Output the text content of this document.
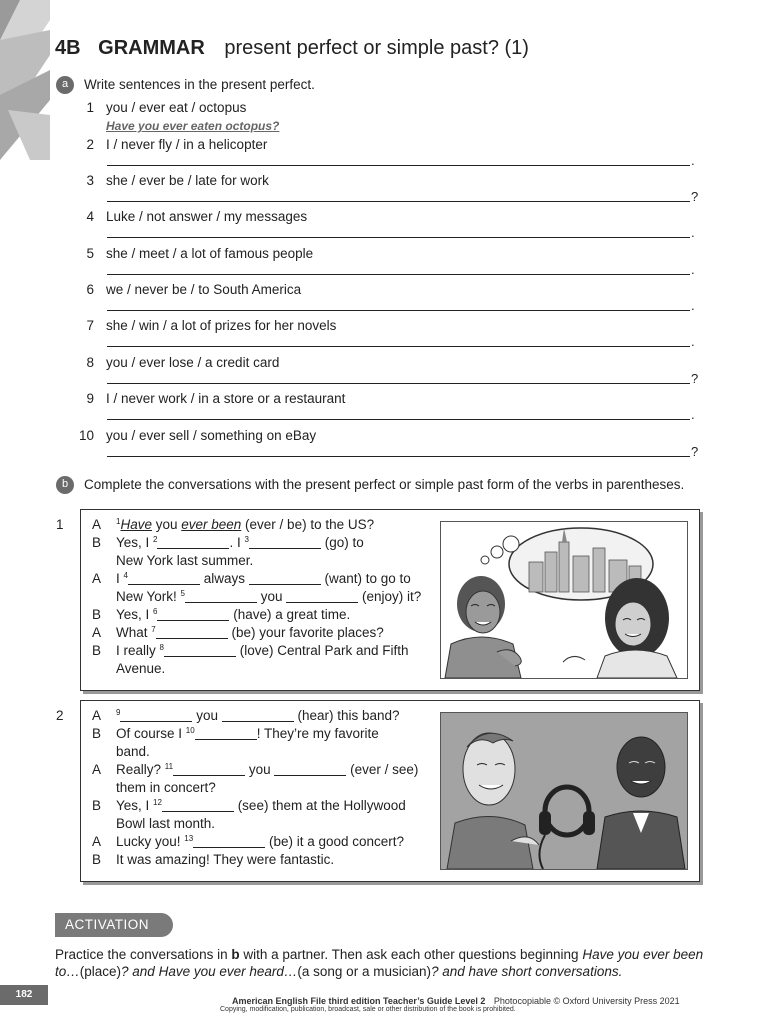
4B GRAMMAR present perfect or simple past? (1)
a	Write sentences in the present perfect.
1 you / ever eat / octopus
Have you ever eaten octopus?
2 I / never fly / in a helicopter
.
3 she / ever be / late for work
?
4 Luke / not answer / my messages
.
5 she / meet / a lot of famous people
.
6 we / never be / to South America
.
7 she / win / a lot of prizes for her novels
.
8 you / ever lose / a credit card
?
9 I / never work / in a store or a restaurant
.
10 you / ever sell / something on eBay
?
b	Complete the conversations with the present perfect or simple past form of the verbs in parentheses.
1 A	$^1$Have you ever been (ever / be) to the US?
B	Yes, I $^2$	. I $^3$	(go) to
New York last summer.
A	I $^4$	always	(want) to go to
New York! $^5$	you	(enjoy) it?
B	Yes, I $^6$	(have) a great time.
A	What $^7$	(be) your favorite places?
B	I really $^8$	(love) Central Park and Fifth
Avenue.
2 A	$^9$	you	(hear) this band?
B	Of course I $^{10}$	! They’re my favorite
band.
A	Really? $^{11}$	you	(ever / see)
them in concert?
B	Yes, I $^{12}$	(see) them at the Hollywood
Bowl last month.
A	Lucky you! $^{13}$	(be) it a good concert?
B	It was amazing! They were fantastic.
ACTIVATION
Practice the conversations in b with a partner. Then ask each other questions beginning Have you ever been to…(place)? and Have you ever heard…(a song or a musician)? and have short conversations.
182
American English File third edition Teacher’s Guide Level 2 Photocopiable © Oxford University Press 2021
Copying, modification, publication, broadcast, sale or other distribution of the book is prohibited.
